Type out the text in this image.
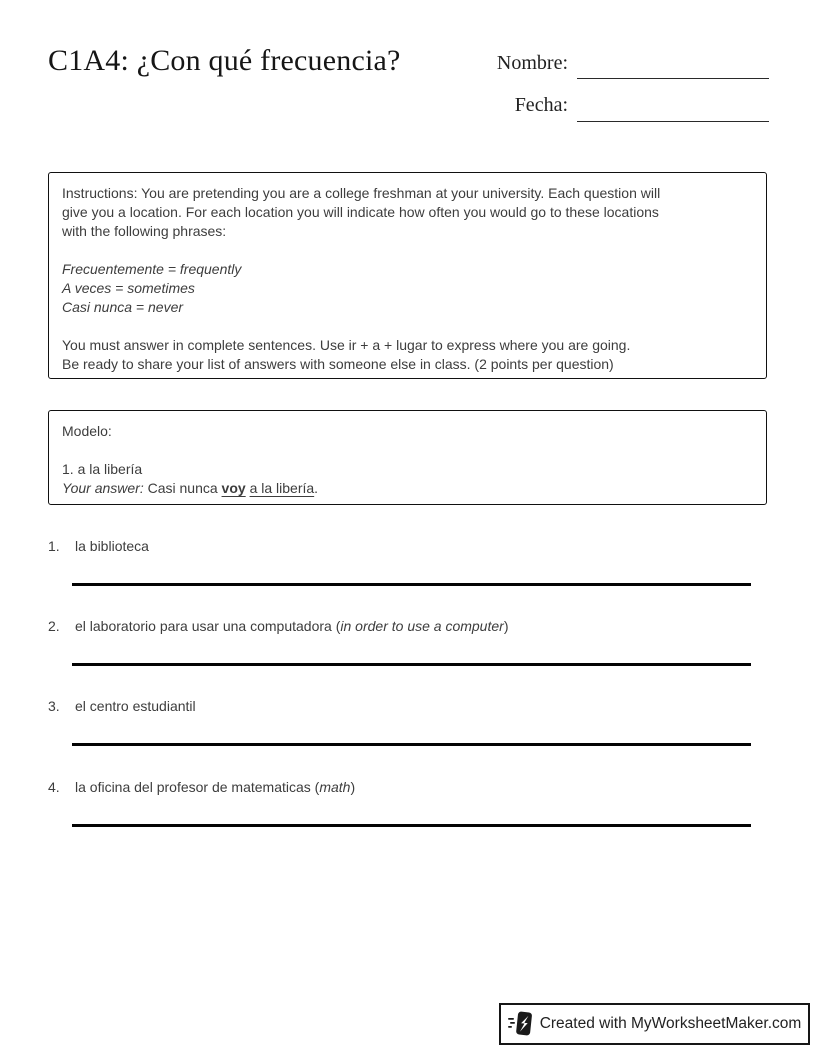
C1A4: ¿Con qué frecuencia?	Nombre:
Fecha:
Instructions: You are pretending you are a college freshman at your university. Each question will
give you a location. For each location you will indicate how often you would go to these locations
with the following phrases:
Frecuentemente = frequently
A veces = sometimes
Casi nunca = never
You must answer in complete sentences. Use ir + a + lugar to express where you are going.
Be ready to share your list of answers with someone else in class. (2 points per question)
Modelo:
1. a la libería
Your answer: Casi nunca voy a la libería.
1. la biblioteca
2. el laboratorio para usar una computadora (in order to use a computer)
3. el centro estudiantil
4. la oficina del profesor de matematicas (math)
Created with MyWorksheetMaker.com
